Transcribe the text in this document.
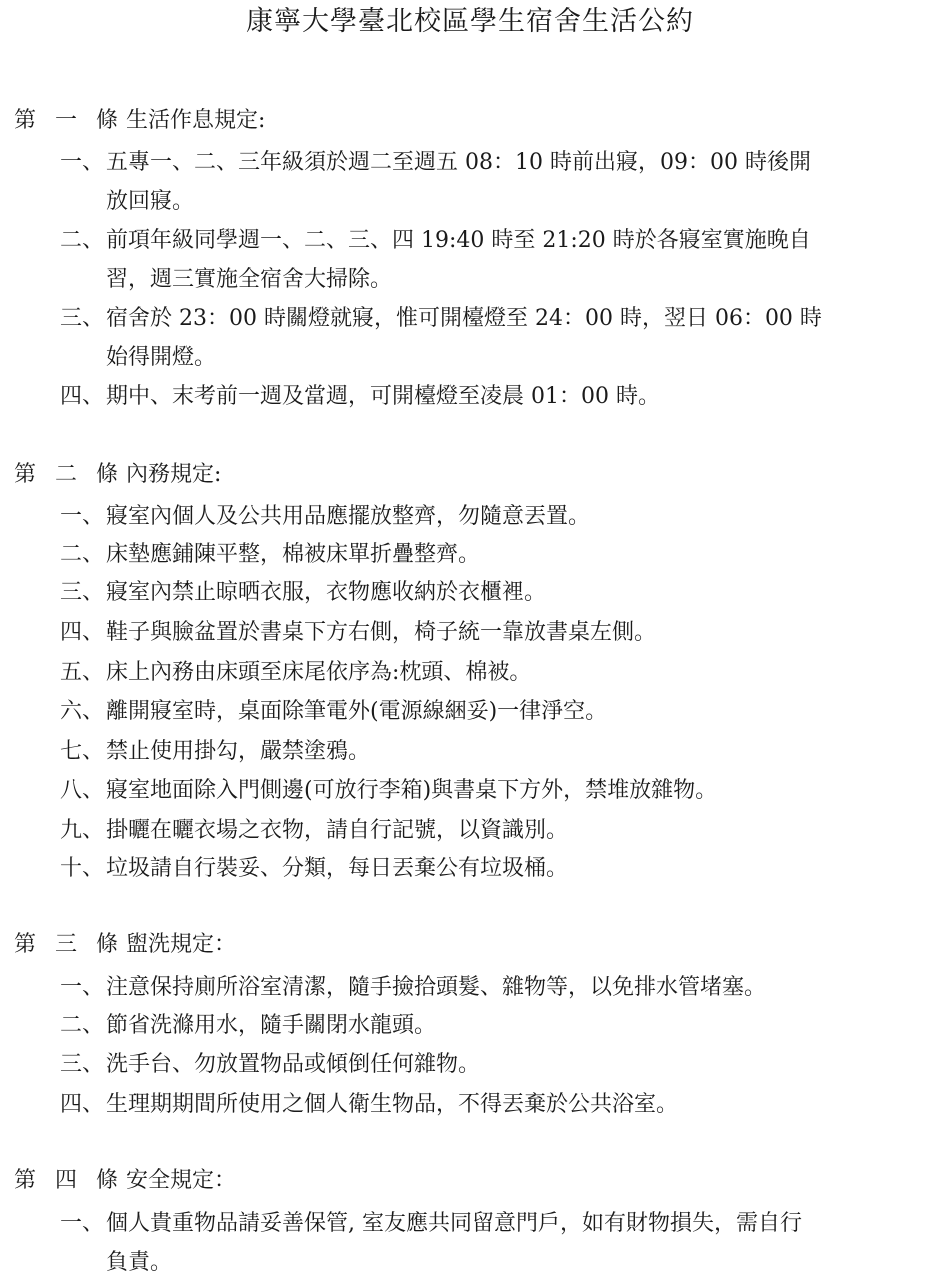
康寧大學臺北校區學生宿舍生活公約
第 一 條生活作息規定:
一、五專一、二、三年級須於週二至週五 08：10 時前出寢，09：00 時後開
放回寢。
二、前項年級同學週一、二、三、四 19:40 時至 21:20 時於各寢室實施晚自
習，週三實施全宿舍大掃除。
三、宿舍於 23：00 時關燈就寢，惟可開檯燈至 24：00 時，翌日 06：00 時
始得開燈。
四、期中、末考前一週及當週，可開檯燈至凌晨 01：00 時。
第 二 條內務規定:
一、寢室內個人及公共用品應擺放整齊，勿隨意丟置。
二、床墊應鋪陳平整，棉被床單折疊整齊。
三、寢室內禁止晾晒衣服，衣物應收納於衣櫃裡。
四、鞋子與臉盆置於書桌下方右側，椅子統一靠放書桌左側。
五、床上內務由床頭至床尾依序為:枕頭、棉被。
六、離開寢室時，桌面除筆電外(電源線綑妥)一律淨空。
七、禁止使用掛勾，嚴禁塗鴉。
八、寢室地面除入門側邊(可放行李箱)與書桌下方外，禁堆放雜物。
九、掛曬在曬衣場之衣物，請自行記號，以資識別。
十、垃圾請自行裝妥、分類，每日丟棄公有垃圾桶。
第 三 條盥洗規定：
一、注意保持廁所浴室清潔，隨手撿拾頭髮、雜物等，以免排水管堵塞。
二、節省洗滌用水，隨手關閉水龍頭。
三、洗手台、勿放置物品或傾倒任何雜物。
四、生理期期間所使用之個人衛生物品，不得丟棄於公共浴室。
第 四 條安全規定：
一、個人貴重物品請妥善保管, 室友應共同留意門戶，如有財物損失，需自行
負責。
